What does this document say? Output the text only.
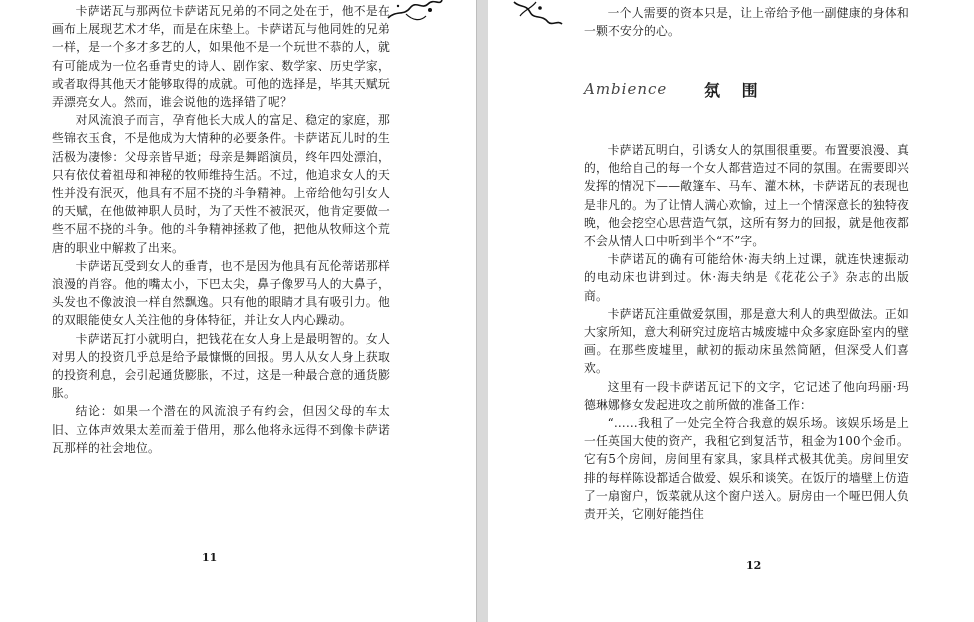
卡萨诺瓦与那两位卡萨诺瓦兄弟的不同之处在于，他不是在画布上展现艺术才华，而是在床垫上。卡萨诺瓦与他同姓的兄弟一样，是一个多才多艺的人，如果他不是一个玩世不恭的人，就有可能成为一位名垂青史的诗人、剧作家、数学家、历史学家，或者取得其他天才能够取得的成就。可他的选择是，毕其天赋玩弄漂亮女人。然而，谁会说他的选择错了呢？

对风流浪子而言，孕育他长大成人的富足、稳定的家庭，那些锦衣玉食，不是他成为大情种的必要条件。卡萨诺瓦儿时的生活极为凄惨：父母亲皆早逝；母亲是舞蹈演员，终年四处漂泊，只有依仗着祖母和神秘的牧师维持生活。不过，他追求女人的天性并没有泯灭，他具有不屈不挠的斗争精神。上帝给他勾引女人的天赋，在他做神职人员时，为了天性不被泯灭，他肯定要做一些不屈不挠的斗争。他的斗争精神拯救了他，把他从牧师这个荒唐的职业中解救了出来。

卡萨诺瓦受到女人的垂青，也不是因为他具有瓦伦蒂诺那样浪漫的肖容。他的嘴太小，下巴太尖，鼻子像罗马人的大鼻子，头发也不像波浪一样自然飘逸。只有他的眼睛才具有吸引力。他的双眼能使女人关注他的身体特征，并让女人内心躁动。

卡萨诺瓦打小就明白，把钱花在女人身上是最明智的。女人对男人的投资几乎总是给予最慷慨的回报。男人从女人身上获取的投资利息，会引起通货膨胀，不过，这是一种最合意的通货膨胀。

结论：如果一个潜在的风流浪子有约会，但因父母的车太旧、立体声效果太差而羞于借用，那么他将永远得不到像卡萨诺瓦那样的社会地位。

11

一个人需要的资本只是，让上帝给予他一副健康的身体和一颗不安分的心。

Ambience 氛 围

卡萨诺瓦明白，引诱女人的氛围很重要。布置要浪漫、真的，他给自己的每一个女人都营造过不同的氛围。在需要即兴发挥的情况下——敞篷车、马车、灌木林，卡萨诺瓦的表现也是非凡的。为了让情人满心欢愉，过上一个情深意长的独特夜晚，他会挖空心思营造气氛，这所有努力的回报，就是他夜都不会从情人口中听到半个“不”字。

卡萨诺瓦的确有可能给休·海夫纳上过课，就连快速振动的电动床也讲到过。休·海夫纳是《花花公子》杂志的出版商。

卡萨诺瓦注重做爱氛围，那是意大利人的典型做法。正如大家所知，意大利研究过庞培古城废墟中众多家庭卧室内的壁画。在那些废墟里，献初的振动床虽然简陋，但深受人们喜欢。

这里有一段卡萨诺瓦记下的文字，它记述了他向玛丽·玛德琳娜修女发起进攻之前所做的准备工作：

“……我租了一处完全符合我意的娱乐场。该娱乐场是上一任英国大使的资产，我租它到复活节，租金为100个金币。它有5个房间，房间里有家具，家具样式极其优美。房间里安排的每样陈设都适合做爱、娱乐和谈笑。在饭厅的墙壁上仿造了一扇窗户，饭菜就从这个窗户送入。厨房由一个哑巴佣人负责开关，它刚好能挡住

12
